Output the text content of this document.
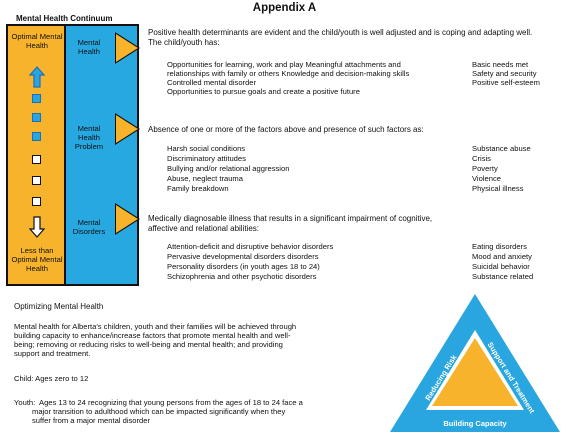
Appendix A
Mental Health Continuum
Optimal Mental Health
Less than Optimal Mental Health
Mental Health
Mental Health Problem
Mental Disorders
Positive health determinants are evident and the child/youth is well adjusted and is coping and adapting well.
The child/youth has:
Opportunities for learning, work and play Meaningful attachments and
relationships with family or others Knowledge and decision-making skills
Controlled mental disorder
Opportunities to pursue goals and create a positive future
Basic needs met
Safety and security
Positive self-esteem
Absence of one or more of the factors above and presence of such factors as:
Harsh social conditions
Discriminatory attitudes
Bullying and/or relational aggression
Abuse, neglect trauma
Family breakdown
Substance abuse
Crisis
Poverty
Violence
Physical illness
Medically diagnosable illness that results in a significant impairment of cognitive,
affective and relational abilities:
Attention-deficit and disruptive behavior disorders
Pervasive developmental disorders disorders
Personality disorders (in youth ages 18 to 24)
Schizophrenia and other psychotic disorders
Eating disorders
Mood and anxiety
Suicidal behavior
Substance related
Optimizing Mental Health
Mental health for Alberta's children, youth and their families will be achieved through
building capacity to enhance/increase factors that promote mental health and well-
being; removing or reducing risks to well-being and mental health; and providing
support and treatment.
Child: Ages zero to 12
Youth: Ages 13 to 24 recognizing that young persons from the ages of 18 to 24 face a
major transition to adulthood which can be impacted significantly when they
suffer from a major mental disorder
Reducing Risk
Support and Treatment
Building Capacity
